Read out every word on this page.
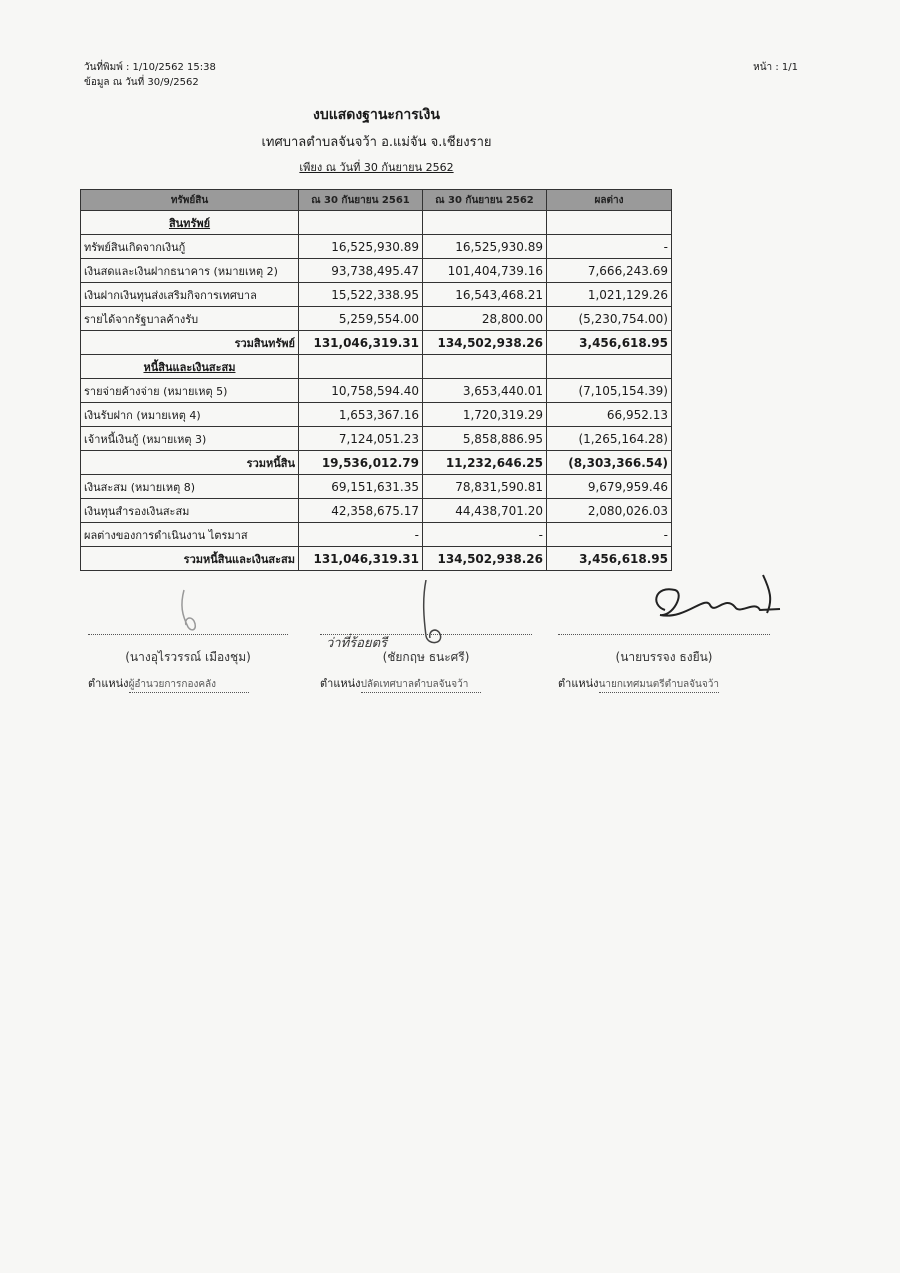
วันที่พิมพ์ : 1/10/2562 15:38
ข้อมูล ณ วันที่ 30/9/2562
หน้า : 1/1
งบแสดงฐานะการเงิน
เทศบาลตำบลจันจว้า อ.แม่จัน จ.เชียงราย
เพียง ณ วันที่ 30 กันยายน 2562
ทรัพย์สิน	ณ 30 กันยายน 2561	ณ 30 กันยายน 2562	ผลต่าง
สินทรัพย์			
ทรัพย์สินเกิดจากเงินกู้	16,525,930.89	16,525,930.89	-
เงินสดและเงินฝากธนาคาร (หมายเหตุ 2)	93,738,495.47	101,404,739.16	7,666,243.69
เงินฝากเงินทุนส่งเสริมกิจการเทศบาล	15,522,338.95	16,543,468.21	1,021,129.26
รายได้จากรัฐบาลค้างรับ	5,259,554.00	28,800.00	(5,230,754.00)
รวมสินทรัพย์	131,046,319.31	134,502,938.26	3,456,618.95
หนี้สินและเงินสะสม			
รายจ่ายค้างจ่าย (หมายเหตุ 5)	10,758,594.40	3,653,440.01	(7,105,154.39)
เงินรับฝาก (หมายเหตุ 4)	1,653,367.16	1,720,319.29	66,952.13
เจ้าหนี้เงินกู้ (หมายเหตุ 3)	7,124,051.23	5,858,886.95	(1,265,164.28)
รวมหนี้สิน	19,536,012.79	11,232,646.25	(8,303,366.54)
เงินสะสม (หมายเหตุ 8)	69,151,631.35	78,831,590.81	9,679,959.46
เงินทุนสำรองเงินสะสม	42,358,675.17	44,438,701.20	2,080,026.03
ผลต่างของการดำเนินงาน ไตรมาส	-	-	-
รวมหนี้สินและเงินสะสม	131,046,319.31	134,502,938.26	3,456,618.95
ว่าที่ร้อยตรี
(นางอุไรวรรณ์ เมืองชุม)
ตำแหน่งผู้อำนวยการกองคลัง
(ชัยกฤษ ธนะศรี)
ตำแหน่งปลัดเทศบาลตำบลจันจว้า
(นายบรรจง ธงยืน)
ตำแหน่งนายกเทศมนตรีตำบลจันจว้า
